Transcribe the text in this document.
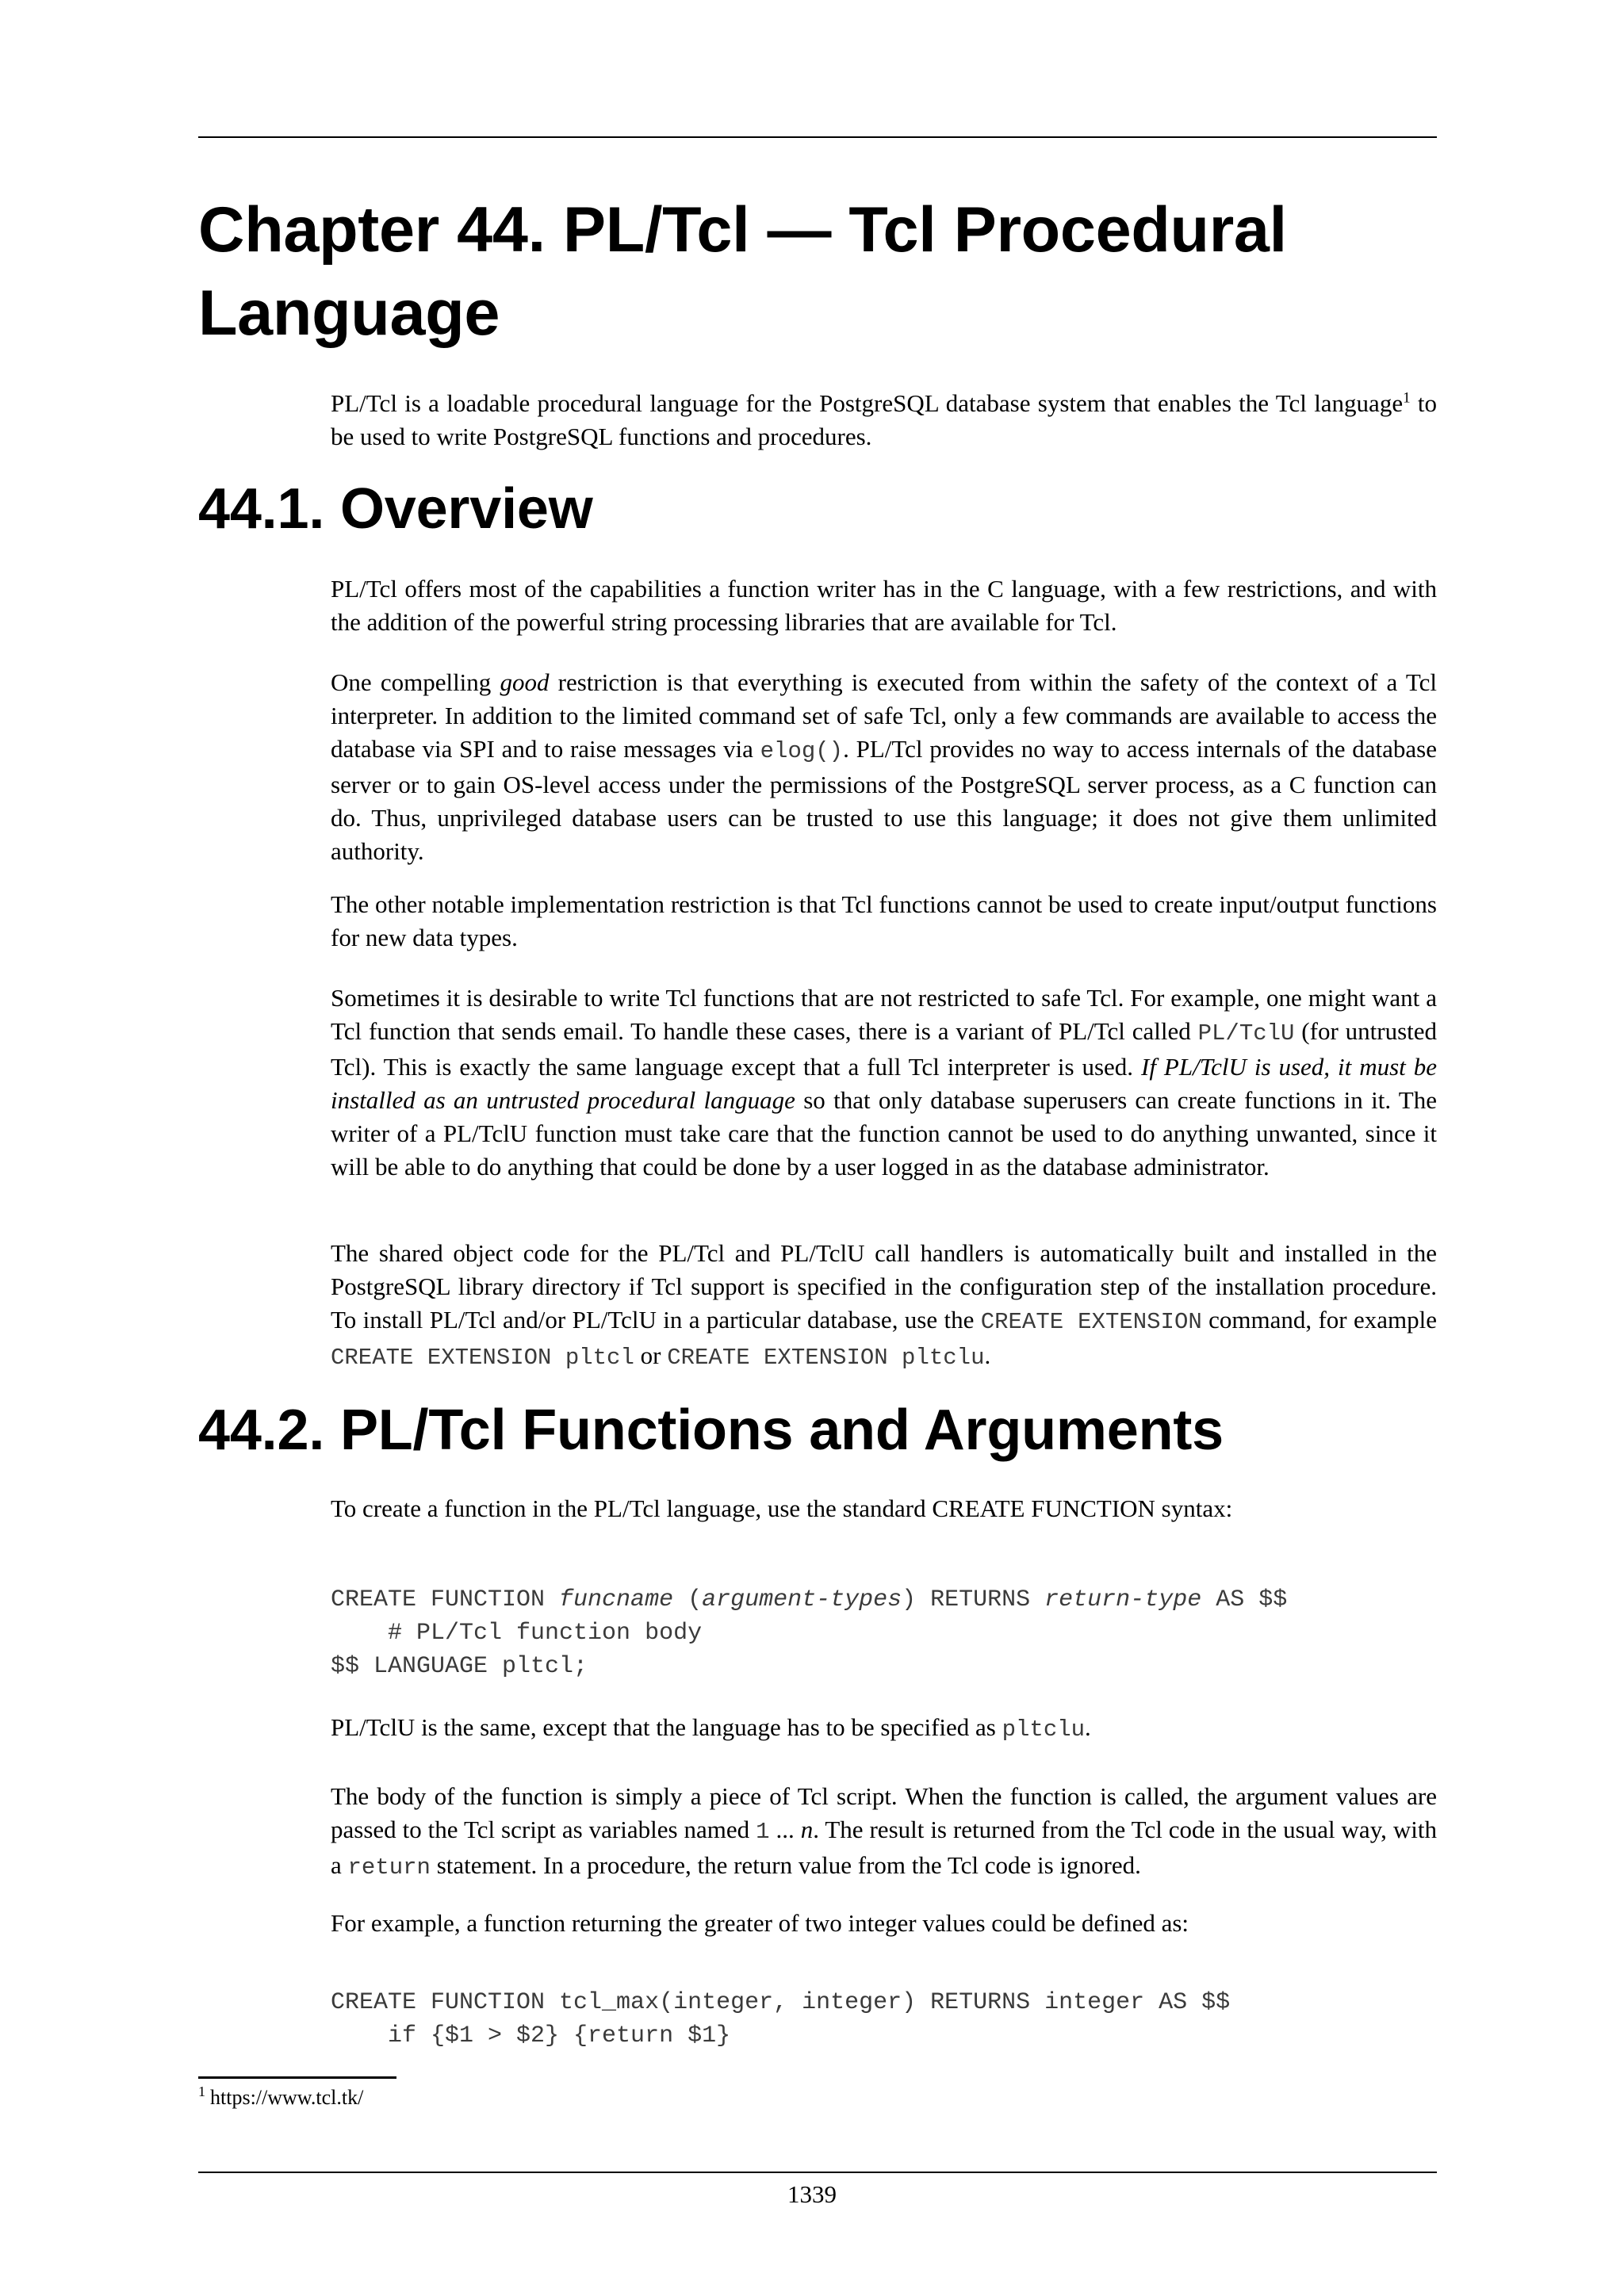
Chapter 44. PL/Tcl — Tcl Procedural Language

PL/Tcl is a loadable procedural language for the PostgreSQL database system that enables the Tcl language$^1$ to be used to write PostgreSQL functions and procedures.

44.1. Overview

PL/Tcl offers most of the capabilities a function writer has in the C language, with a few restrictions, and with the addition of the powerful string processing libraries that are available for Tcl.

One compelling good restriction is that everything is executed from within the safety of the context of a Tcl interpreter. In addition to the limited command set of safe Tcl, only a few commands are available to access the database via SPI and to raise messages via elog(). PL/Tcl provides no way to access internals of the database server or to gain OS-level access under the permissions of the PostgreSQL server process, as a C function can do. Thus, unprivileged database users can be trusted to use this language; it does not give them unlimited authority.

The other notable implementation restriction is that Tcl functions cannot be used to create input/output functions for new data types.

Sometimes it is desirable to write Tcl functions that are not restricted to safe Tcl. For example, one might want a Tcl function that sends email. To handle these cases, there is a variant of PL/Tcl called PL/TclU (for untrusted Tcl). This is exactly the same language except that a full Tcl interpreter is used. If PL/TclU is used, it must be installed as an untrusted procedural language so that only database superusers can create functions in it. The writer of a PL/TclU function must take care that the function cannot be used to do anything unwanted, since it will be able to do anything that could be done by a user logged in as the database administrator.

The shared object code for the PL/Tcl and PL/TclU call handlers is automatically built and installed in the PostgreSQL library directory if Tcl support is specified in the configuration step of the installation procedure. To install PL/Tcl and/or PL/TclU in a particular database, use the CREATE EXTENSION command, for example CREATE EXTENSION pltcl or CREATE EXTENSION pltclu.

44.2. PL/Tcl Functions and Arguments

To create a function in the PL/Tcl language, use the standard CREATE FUNCTION syntax:

CREATE FUNCTION funcname (argument-types) RETURNS return-type AS $$
# PL/Tcl function body
$$ LANGUAGE pltcl;

PL/TclU is the same, except that the language has to be specified as pltclu.

The body of the function is simply a piece of Tcl script. When the function is called, the argument values are passed to the Tcl script as variables named 1 ... n. The result is returned from the Tcl code in the usual way, with a return statement. In a procedure, the return value from the Tcl code is ignored.

For example, a function returning the greater of two integer values could be defined as:

CREATE FUNCTION tcl_max(integer, integer) RETURNS integer AS $$
if {$1 > $2} {return $1}

$^1$ https://www.tcl.tk/

1339
